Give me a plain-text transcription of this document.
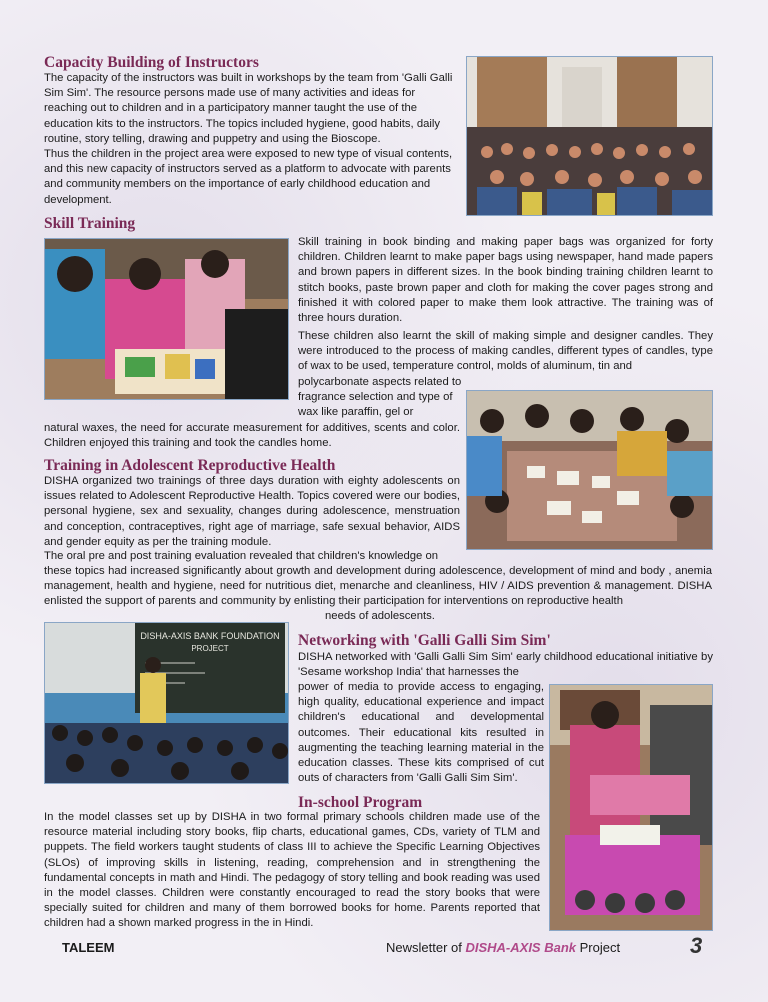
Capacity Building of Instructors

The capacity of the instructors was built in workshops by the team from 'Galli Galli Sim Sim'. The resource persons made use of many activities and ideas for reaching out to children and in a participatory manner taught the use of the education kits to the instructors. The topics included hygiene, good habits, daily routine, story telling, drawing and puppetry and using the Bioscope.

Thus the children in the project area were exposed to new type of visual contents, and this new capacity of instructors served as a platform to advocate with parents and community members on the importance of early childhood education and development.

Skill Training

Skill training in book binding and making paper bags was organized for forty children. Children learnt to make paper bags using newspaper, hand made papers and brown papers in different sizes. In the book binding training children learnt to stitch books, paste brown paper and cloth for making the cover pages strong and finished it with colored paper to make them look attractive. The training was of three hours duration.

These children also learnt the skill of making simple and designer candles. They were introduced to the process of making candles, different types of candles, type of wax to be used, temperature control, molds of aluminum, tin and

polycarbonate aspects related to fragrance selection and type of wax like paraffin, gel or

natural waxes, the need for accurate measurement for additives, scents and color. Children enjoyed this training and took the candles home.

Training in Adolescent Reproductive Health

DISHA organized two trainings of three days duration with eighty adolescents on issues related to Adolescent Reproductive Health. Topics covered were our bodies, personal hygiene, sex and sexuality, changes during adolescence, menstruation and conception, contraceptives, right age of marriage, safe sexual behavior, AIDS and gender equity as per the training module.

The oral pre and post training evaluation revealed that children's knowledge on

these topics had increased significantly about growth and development during adolescence, development of mind and body , anemia management, health and hygiene, need for nutritious diet, menarche and cleanliness, HIV / AIDS prevention & management. DISHA enlisted the support of parents and community by enlisting their participation for interventions on reproductive health

needs of adolescents.

DISHA-AXIS BANK FOUNDATION
PROJECT	Networking with 'Galli Galli Sim Sim'

DISHA networked with 'Galli Galli Sim Sim' early childhood educational initiative by 'Sesame workshop India' that harnesses the

power of media to provide access to engaging, high quality, educational experience and impact children's educational and developmental outcomes. Their educational kits resulted in augmenting the teaching learning material in the education classes. These kits comprised of cut outs of characters from 'Galli Galli Sim Sim'.

In-school Program

In the model classes set up by DISHA in two formal primary schools children made use of the resource material including story books, flip charts, educational games, CDs, variety of TLM and puppets. The field workers taught students of class III to achieve the Specific Learning Objectives (SLOs) of improving skills in listening, reading, comprehension and in strengthening the fundamental concepts in math and Hindi. The pedagogy of story telling and book reading was used in the model classes. Children were constantly encouraged to read the story books that were specially suited for children and many of them borrowed books for home. Parents reported that children had a shown marked progress in the in Hindi.

TALEEM	Newsletter of DISHA-AXIS Bank Project	3
